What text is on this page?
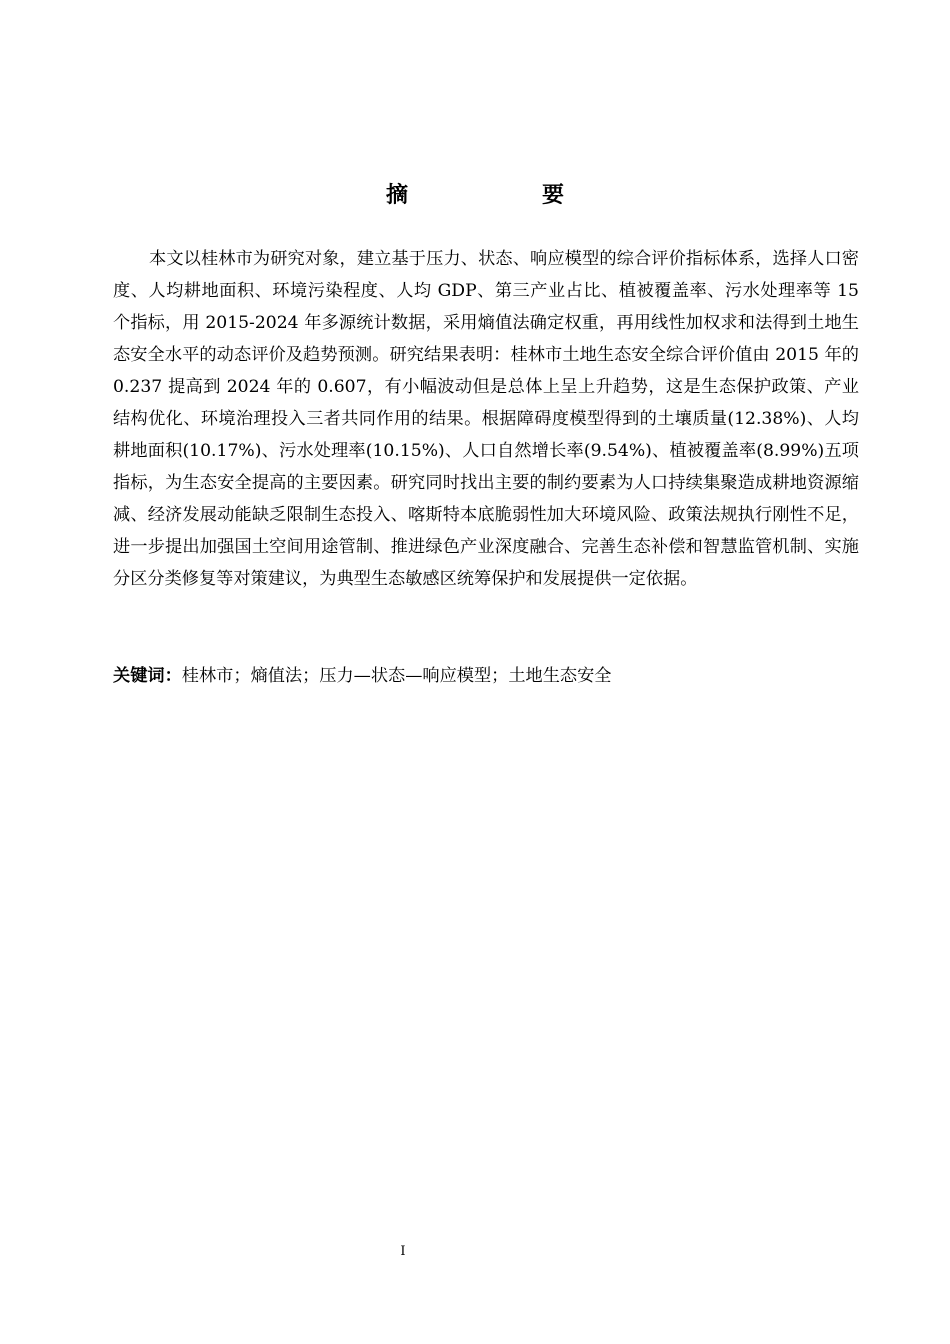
摘　　要

本文以桂林市为研究对象，建立基于压力、状态、响应模型的综合评价指标体系，选择人口密度、人均耕地面积、环境污染程度、人均 GDP、第三产业占比、植被覆盖率、污水处理率等 15 个指标，用 2015-2024 年多源统计数据，采用熵值法确定权重，再用线性加权求和法得到土地生态安全水平的动态评价及趋势预测。研究结果表明：桂林市土地生态安全综合评价值由 2015 年的 0.237 提高到 2024 年的 0.607，有小幅波动但是总体上呈上升趋势，这是生态保护政策、产业结构优化、环境治理投入三者共同作用的结果。根据障碍度模型得到的土壤质量(12.38%)、人均耕地面积(10.17%)、污水处理率(10.15%)、人口自然增长率(9.54%)、植被覆盖率(8.99%)五项指标，为生态安全提高的主要因素。研究同时找出主要的制约要素为人口持续集聚造成耕地资源缩减、经济发展动能缺乏限制生态投入、喀斯特本底脆弱性加大环境风险、政策法规执行刚性不足，进一步提出加强国土空间用途管制、推进绿色产业深度融合、完善生态补偿和智慧监管机制、实施分区分类修复等对策建议，为典型生态敏感区统筹保护和发展提供一定依据。

关键词：桂林市；熵值法；压力—状态—响应模型；土地生态安全

I
